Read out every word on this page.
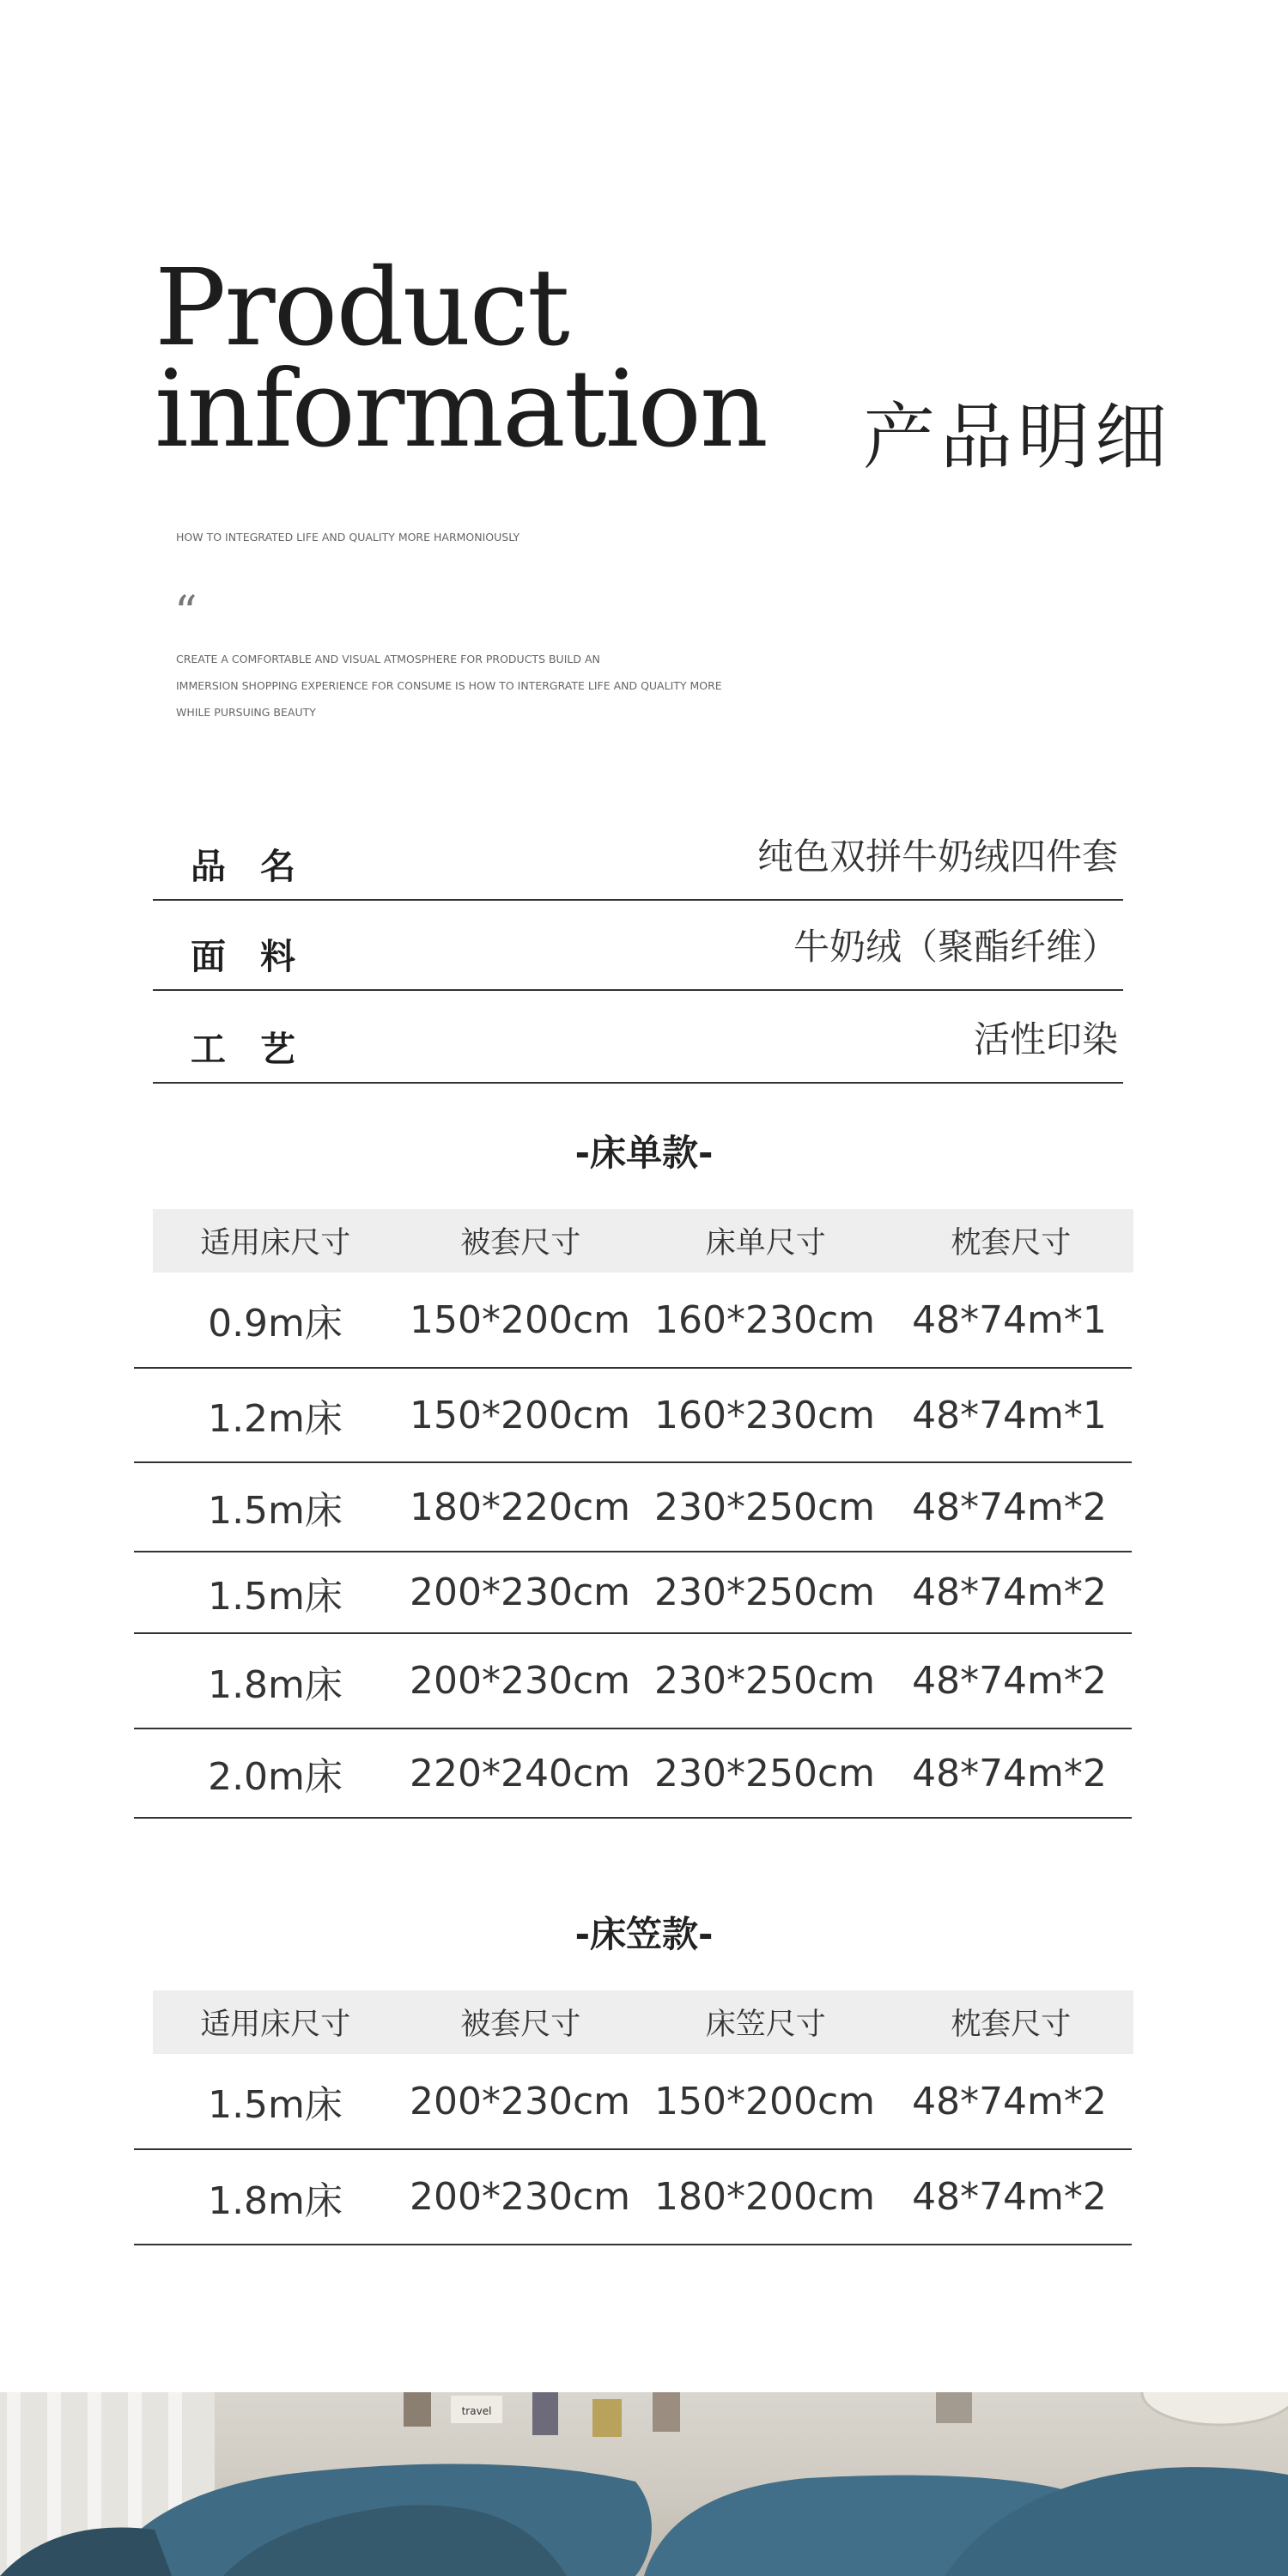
Product
information 产品明细
HOW TO INTEGRATED LIFE AND QUALITY MORE HARMONIOUSLY
“
CREATE A COMFORTABLE AND VISUAL ATMOSPHERE FOR PRODUCTS BUILD AN
IMMERSION SHOPPING EXPERIENCE FOR CONSUME IS HOW TO INTERGRATE LIFE AND QUALITY MORE
WHILE PURSUING BEAUTY
品名	纯色双拼牛奶绒四件套
面料	牛奶绒（聚酯纤维）
工艺	活性印染
-床单款-
适用床尺寸	被套尺寸	床单尺寸	枕套尺寸
0.9m床	150*200cm 160*230cm 48*74m*1
1.2m床	150*200cm 160*230cm 48*74m*1
1.5m床	180*220cm 230*250cm 48*74m*2
1.5m床	200*230cm 230*250cm 48*74m*2
1.8m床	200*230cm 230*250cm 48*74m*2
2.0m床	220*240cm 230*250cm 48*74m*2
-床笠款-
适用床尺寸	被套尺寸	床笠尺寸	枕套尺寸
1.5m床	200*230cm 150*200cm 48*74m*2
1.8m床	200*230cm 180*200cm 48*74m*2
travel
